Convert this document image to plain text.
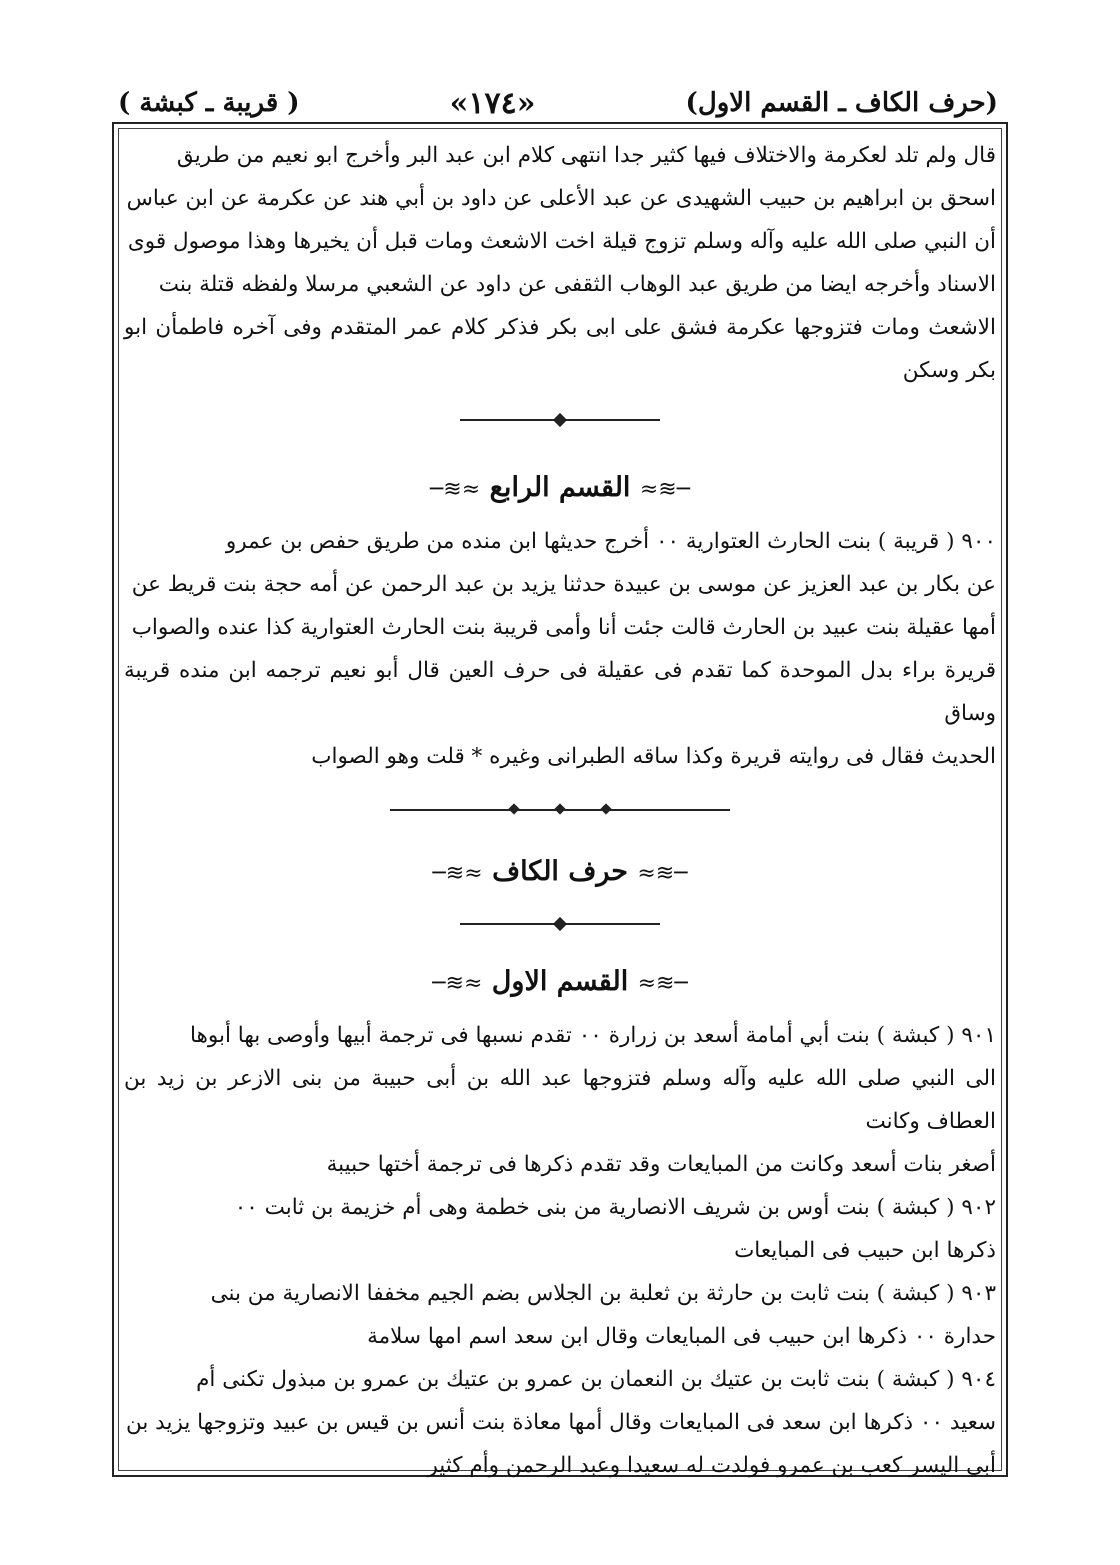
(حرف الكاف ـ القسم الاول)
«١٧٤»
( قريبة ـ كبشة )

قال ولم تلد لعكرمة والاختلاف فيها كثير جدا انتهى كلام ابن عبد البر وأخرج ابو نعيم من طريق

اسحق بن ابراهيم بن حبيب الشهيدى عن عبد الأعلى عن داود بن أبي هند عن عكرمة عن ابن عباس

أن النبي صلى الله عليه وآله وسلم تزوج قيلة اخت الاشعث ومات قبل أن يخيرها وهذا موصول قوى

الاسناد وأخرجه ايضا من طريق عبد الوهاب الثقفى عن داود عن الشعبي مرسلا ولفظه قتلة بنت

الاشعث ومات فتزوجها عكرمة فشق على ابى بكر فذكر كلام عمر المتقدم وفى آخره فاطمأن ابو بكر وسكن

─≋≈ القسم الرابع ≈≋─

٩٠٠ ( قريبة ) بنت الحارث العتوارية ٠٠ أخرج حديثها ابن منده من طريق حفص بن عمرو

عن بكار بن عبد العزيز عن موسى بن عبيدة حدثنا يزيد بن عبد الرحمن عن أمه حجة بنت قريط عن

أمها عقيلة بنت عبيد بن الحارث قالت جئت أنا وأمى قريبة بنت الحارث العتوارية كذا عنده والصواب

قريرة براء بدل الموحدة كما تقدم فى عقيلة فى حرف العين قال أبو نعيم ترجمه ابن منده قريبة وساق

الحديث فقال فى روايته قريرة وكذا ساقه الطبرانى وغيره * قلت وهو الصواب

─≋≈ حرف الكاف ≈≋─

─≋≈ القسم الاول ≈≋─

٩٠١ ( كبشة ) بنت أبي أمامة أسعد بن زرارة ٠٠ تقدم نسبها فى ترجمة أبيها وأوصى بها أبوها

الى النبي صلى الله عليه وآله وسلم فتزوجها عبد الله بن أبى حبيبة من بنى الازعر بن زيد بن العطاف وكانت

أصغر بنات أسعد وكانت من المبايعات وقد تقدم ذكرها فى ترجمة أختها حبيبة

٩٠٢ ( كبشة ) بنت أوس بن شريف الانصارية من بنى خطمة وهى أم خزيمة بن ثابت ٠٠

ذكرها ابن حبيب فى المبايعات

٩٠٣ ( كبشة ) بنت ثابت بن حارثة بن ثعلبة بن الجلاس بضم الجيم مخففا الانصارية من بنى

حدارة ٠٠ ذكرها ابن حبيب فى المبايعات وقال ابن سعد اسم امها سلامة

٩٠٤ ( كبشة ) بنت ثابت بن عتيك بن النعمان بن عمرو بن عتيك بن عمرو بن مبذول تكنى أم

سعيد ٠٠ ذكرها ابن سعد فى المبايعات وقال أمها معاذة بنت أنس بن قيس بن عبيد وتزوجها يزيد بن

أبي اليسر كعب بن عمرو فولدت له سعيدا وعبد الرحمن وأم كثير
